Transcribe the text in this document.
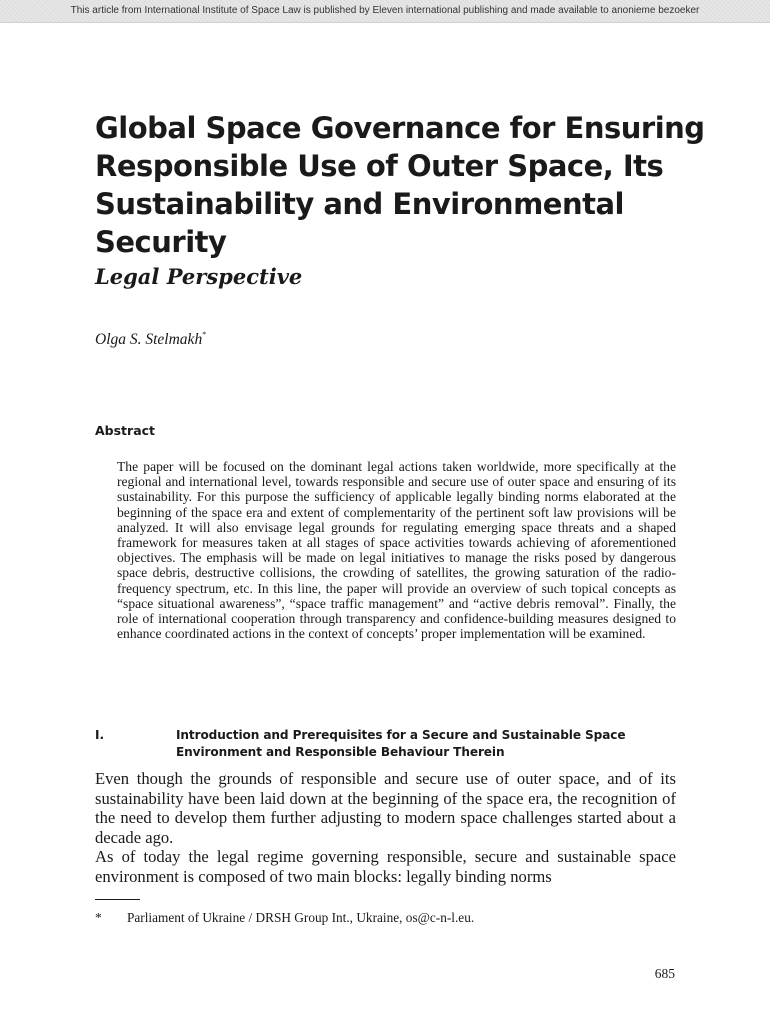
This article from International Institute of Space Law is published by Eleven international publishing and made available to anonieme bezoeker
Global Space Governance for Ensuring Responsible Use of Outer Space, Its Sustainability and Environmental Security
Legal Perspective
Olga S. Stelmakh*
Abstract

The paper will be focused on the dominant legal actions taken worldwide, more specifically at the regional and international level, towards responsible and secure use of outer space and ensuring of its sustainability. For this purpose the sufficiency of applicable legally binding norms elaborated at the beginning of the space era and extent of complementarity of the pertinent soft law provisions will be analyzed. It will also envisage legal grounds for regulating emerging space threats and a shaped framework for measures taken at all stages of space activities towards achieving of aforementioned objectives. The emphasis will be made on legal initiatives to manage the risks posed by dangerous space debris, destructive collisions, the crowding of satellites, the growing saturation of the radio-frequency spectrum, etc. In this line, the paper will provide an overview of such topical concepts as “space situational awareness”, “space traffic management” and “active debris removal”. Finally, the role of international cooperation through transparency and confidence-building measures designed to enhance coordinated actions in the context of concepts’ proper implementation will be examined.

I.	Introduction and Prerequisites for a Secure and Sustainable Space Environment and Responsible Behaviour Therein

Even though the grounds of responsible and secure use of outer space, and of its sustainability have been laid down at the beginning of the space era, the recognition of the need to develop them further adjusting to modern space challenges started about a decade ago.

As of today the legal regime governing responsible, secure and sustainable space environment is composed of two main blocks: legally binding norms

* Parliament of Ukraine / DRSH Group Int., Ukraine, os@c-n-l.eu.
685
